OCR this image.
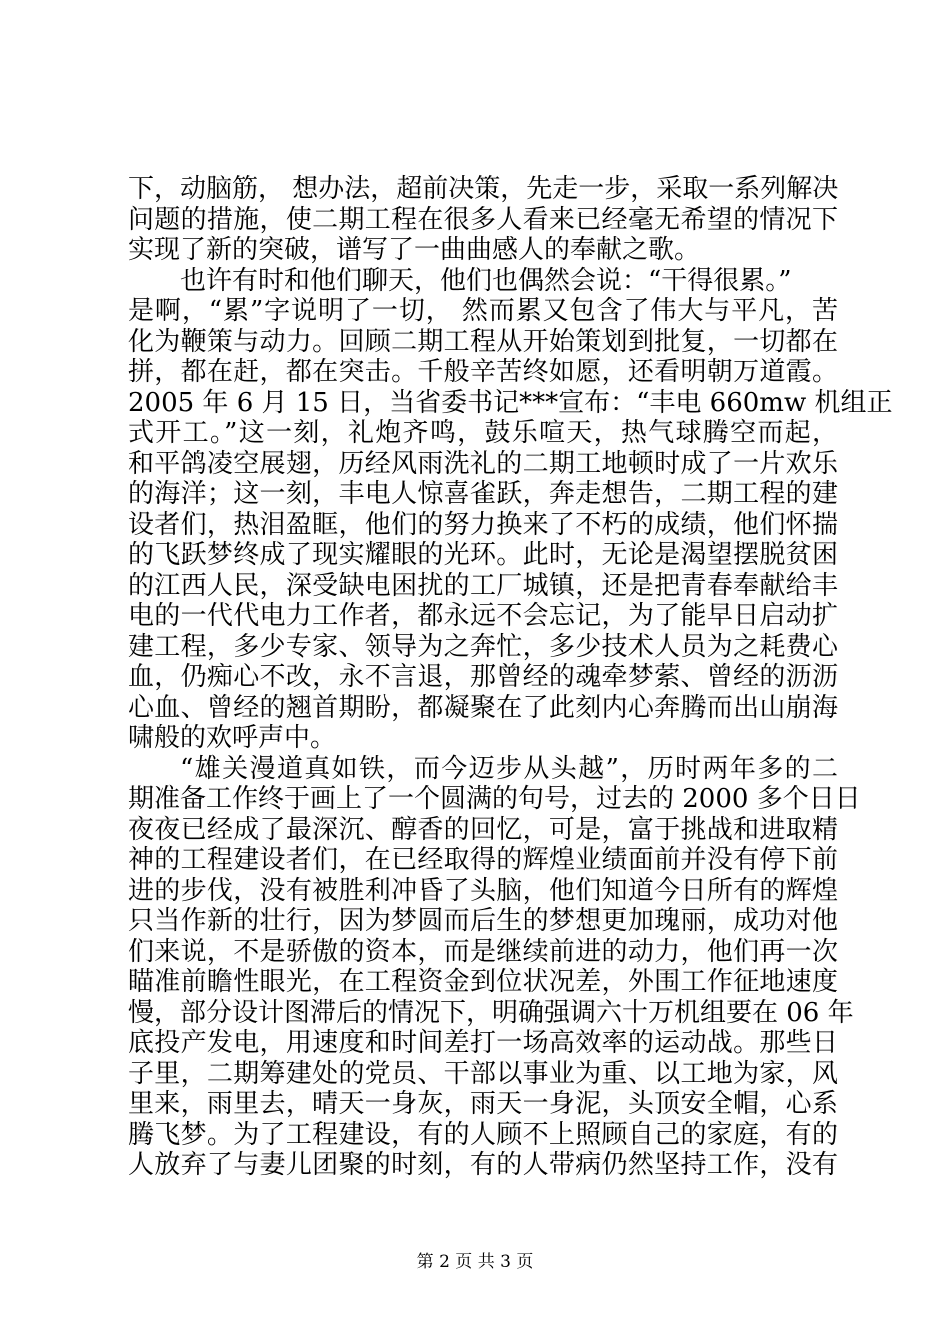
下，动脑筋， 想办法，超前决策，先走一步，采取一系列解决
问题的措施，使二期工程在很多人看来已经毫无希望的情况下
实现了新的突破，谱写了一曲曲感人的奉献之歌。
也许有时和他们聊天，他们也偶然会说：“干得很累。”
是啊，“累”字说明了一切， 然而累又包含了伟大与平凡，苦
化为鞭策与动力。回顾二期工程从开始策划到批复，一切都在
拼，都在赶，都在突击。千般辛苦终如愿，还看明朝万道霞。
2005 年 6 月 15 日，当省委书记***宣布：“丰电 660mw 机组正
式开工。”这一刻，礼炮齐鸣，鼓乐喧天，热气球腾空而起，
和平鸽凌空展翅，历经风雨洗礼的二期工地顿时成了一片欢乐
的海洋；这一刻，丰电人惊喜雀跃，奔走想告，二期工程的建
设者们，热泪盈眶，他们的努力换来了不朽的成绩，他们怀揣
的飞跃梦终成了现实耀眼的光环。此时，无论是渴望摆脱贫困
的江西人民，深受缺电困扰的工厂城镇，还是把青春奉献给丰
电的一代代电力工作者，都永远不会忘记，为了能早日启动扩
建工程，多少专家、领导为之奔忙，多少技术人员为之耗费心
血，仍痴心不改，永不言退，那曾经的魂牵梦萦、曾经的沥沥
心血、曾经的翘首期盼，都凝聚在了此刻内心奔腾而出山崩海
啸般的欢呼声中。
“雄关漫道真如铁，而今迈步从头越”，历时两年多的二
期准备工作终于画上了一个圆满的句号，过去的 2000 多个日日
夜夜已经成了最深沉、醇香的回忆，可是，富于挑战和进取精
神的工程建设者们，在已经取得的辉煌业绩面前并没有停下前
进的步伐，没有被胜利冲昏了头脑，他们知道今日所有的辉煌
只当作新的壮行，因为梦圆而后生的梦想更加瑰丽，成功对他
们来说，不是骄傲的资本，而是继续前进的动力，他们再一次
瞄准前瞻性眼光，在工程资金到位状况差，外围工作征地速度
慢，部分设计图滞后的情况下，明确强调六十万机组要在 06 年
底投产发电，用速度和时间差打一场高效率的运动战。那些日
子里，二期筹建处的党员、干部以事业为重、以工地为家，风
里来，雨里去，晴天一身灰，雨天一身泥，头顶安全帽，心系
腾飞梦。为了工程建设，有的人顾不上照顾自己的家庭，有的
人放弃了与妻儿团聚的时刻，有的人带病仍然坚持工作，没有
第 2 页 共 3 页
